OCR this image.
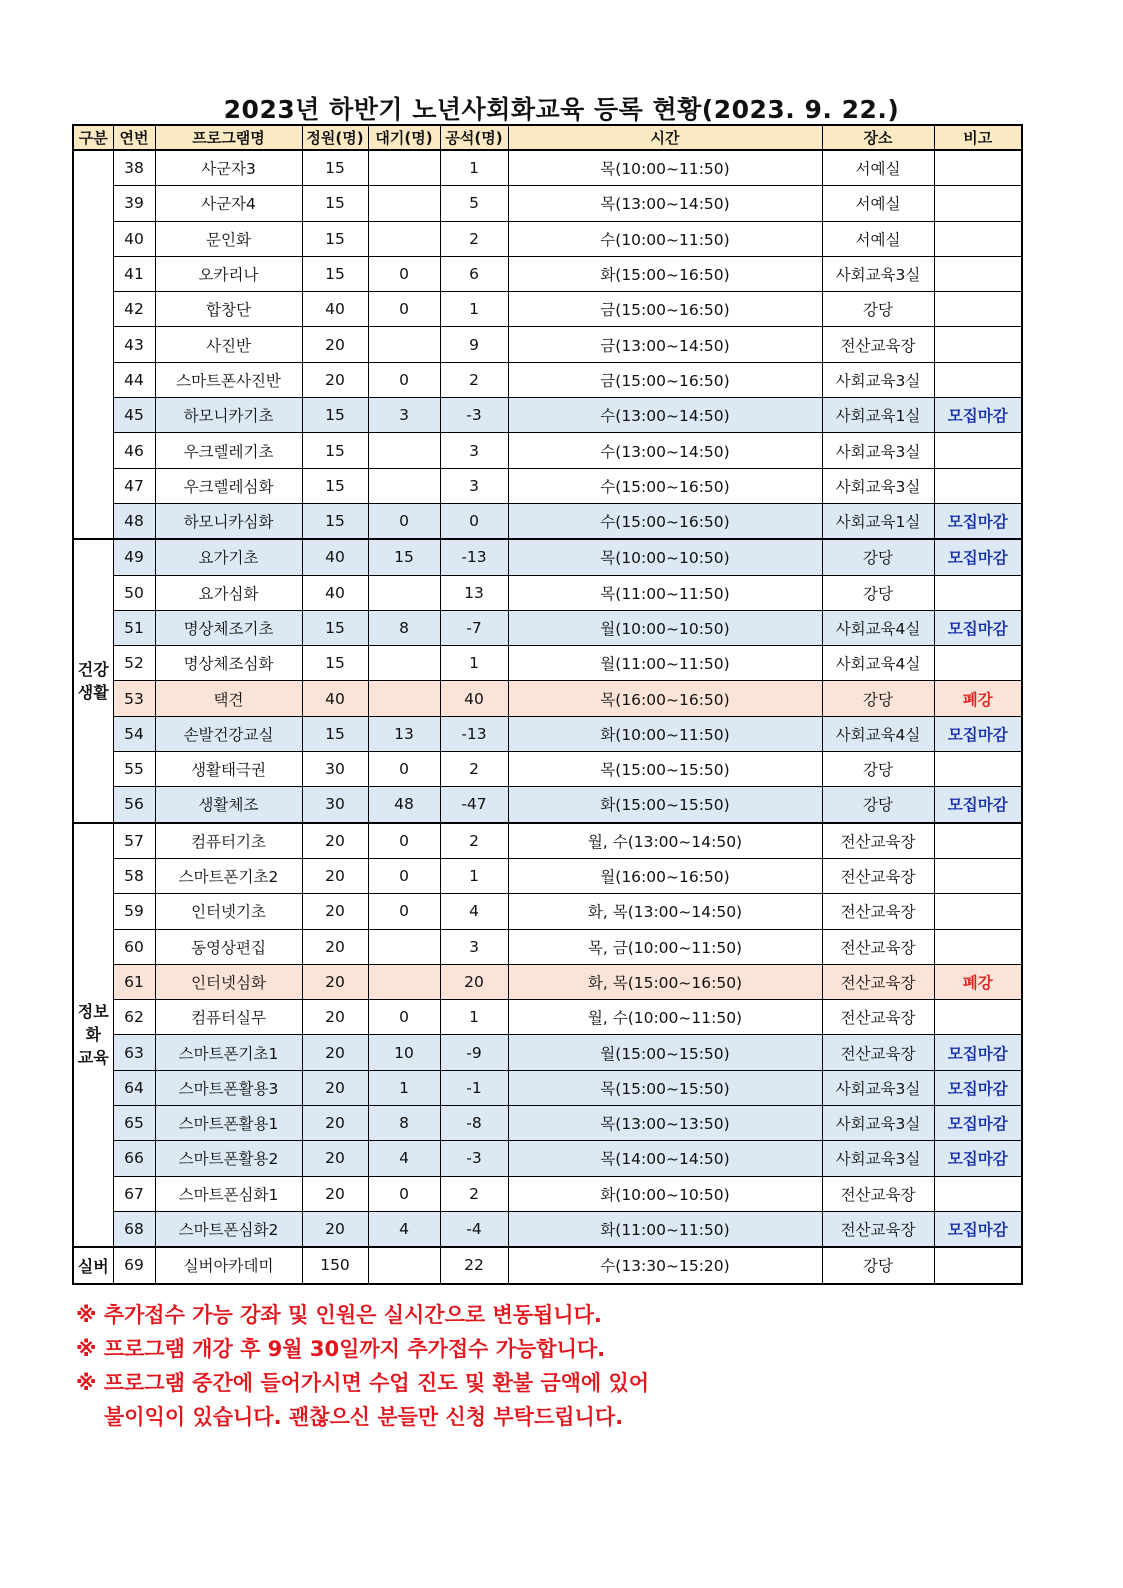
2023년 하반기 노년사회화교육 등록 현황(2023. 9. 22.)
구분	연번	프로그램명	정원(명)	대기(명)	공석(명)	시간	장소	비고
	38	사군자3	15		1	목(10:00~11:50)	서예실	
	39	사군자4	15		5	목(13:00~14:50)	서예실	
	40	문인화	15		2	수(10:00~11:50)	서예실	
	41	오카리나	15	0	6	화(15:00~16:50)	사회교육3실	
	42	합창단	40	0	1	금(15:00~16:50)	강당	
	43	사진반	20		9	금(13:00~14:50)	전산교육장	
	44	스마트폰사진반	20	0	2	금(15:00~16:50)	사회교육3실	
	45	하모니카기초	15	3	-3	수(13:00~14:50)	사회교육1실	모집마감
	46	우크렐레기초	15		3	수(13:00~14:50)	사회교육3실	
	47	우크렐레심화	15		3	수(15:00~16:50)	사회교육3실	
	48	하모니카심화	15	0	0	수(15:00~16:50)	사회교육1실	모집마감
건강
생활	49	요가기초	40	15	-13	목(10:00~10:50)	강당	모집마감
	50	요가심화	40		13	목(11:00~11:50)	강당	
	51	명상체조기초	15	8	-7	월(10:00~10:50)	사회교육4실	모집마감
	52	명상체조심화	15		1	월(11:00~11:50)	사회교육4실	
	53	택견	40		40	목(16:00~16:50)	강당	폐강
	54	손발건강교실	15	13	-13	화(10:00~11:50)	사회교육4실	모집마감
	55	생활태극권	30	0	2	목(15:00~15:50)	강당	
	56	생활체조	30	48	-47	화(15:00~15:50)	강당	모집마감
정보
화
교육	57	컴퓨터기초	20	0	2	월, 수(13:00~14:50)	전산교육장	
	58	스마트폰기초2	20	0	1	월(16:00~16:50)	전산교육장	
	59	인터넷기초	20	0	4	화, 목(13:00~14:50)	전산교육장	
	60	동영상편집	20		3	목, 금(10:00~11:50)	전산교육장	
	61	인터넷심화	20		20	화, 목(15:00~16:50)	전산교육장	폐강
	62	컴퓨터실무	20	0	1	월, 수(10:00~11:50)	전산교육장	
	63	스마트폰기초1	20	10	-9	월(15:00~15:50)	전산교육장	모집마감
	64	스마트폰활용3	20	1	-1	목(15:00~15:50)	사회교육3실	모집마감
	65	스마트폰활용1	20	8	-8	목(13:00~13:50)	사회교육3실	모집마감
	66	스마트폰활용2	20	4	-3	목(14:00~14:50)	사회교육3실	모집마감
	67	스마트폰심화1	20	0	2	화(10:00~10:50)	전산교육장	
	68	스마트폰심화2	20	4	-4	화(11:00~11:50)	전산교육장	모집마감
실버	69	실버아카데미	150		22	수(13:30~15:20)	강당	
※ 추가접수 가능 강좌 및 인원은 실시간으로 변동됩니다.
※ 프로그램 개강 후 9월 30일까지 추가접수 가능합니다.
※ 프로그램 중간에 들어가시면 수업 진도 및 환불 금액에 있어
불이익이 있습니다. 괜찮으신 분들만 신청 부탁드립니다.
